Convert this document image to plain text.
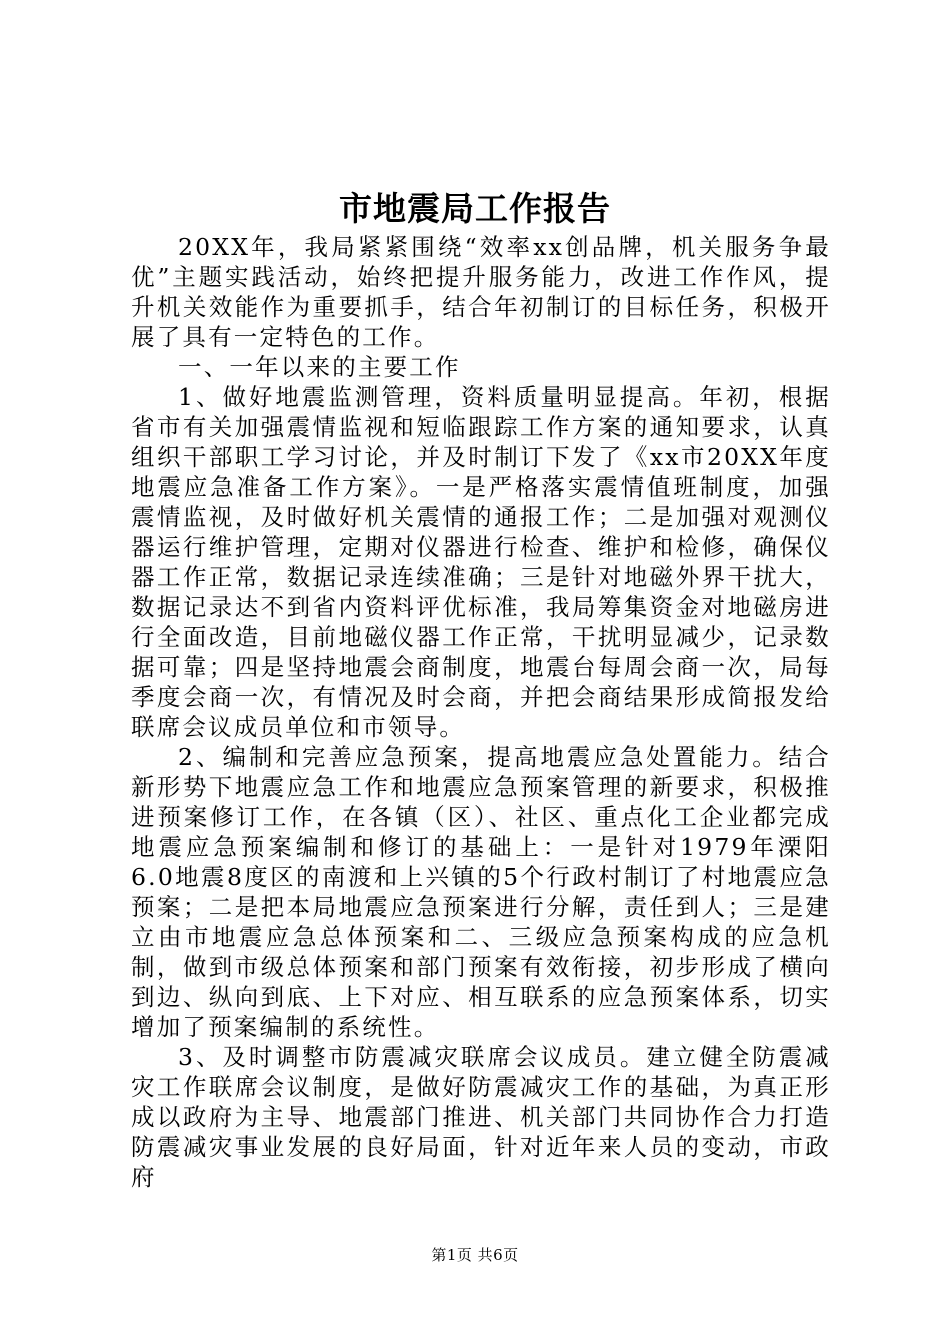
市地震局工作报告

20XX年，我局紧紧围绕“效率xx创品牌，机关服务争最优”主题实践活动，始终把提升服务能力，改进工作作风，提升机关效能作为重要抓手，结合年初制订的目标任务，积极开展了具有一定特色的工作。

一、一年以来的主要工作

1、做好地震监测管理，资料质量明显提高。年初，根据省市有关加强震情监视和短临跟踪工作方案的通知要求，认真组织干部职工学习讨论，并及时制订下发了《xx市20XX年度地震应急准备工作方案》。一是严格落实震情值班制度，加强震情监视，及时做好机关震情的通报工作；二是加强对观测仪器运行维护管理，定期对仪器进行检查、维护和检修，确保仪器工作正常，数据记录连续准确；三是针对地磁外界干扰大，数据记录达不到省内资料评优标准，我局筹集资金对地磁房进行全面改造，目前地磁仪器工作正常，干扰明显减少，记录数据可靠；四是坚持地震会商制度，地震台每周会商一次，局每季度会商一次，有情况及时会商，并把会商结果形成简报发给联席会议成员单位和市领导。

2、编制和完善应急预案，提高地震应急处置能力。结合新形势下地震应急工作和地震应急预案管理的新要求，积极推进预案修订工作，在各镇（区）、社区、重点化工企业都完成地震应急预案编制和修订的基础上：一是针对1979年溧阳6.0地震8度区的南渡和上兴镇的5个行政村制订了村地震应急预案；二是把本局地震应急预案进行分解，责任到人；三是建立由市地震应急总体预案和二、三级应急预案构成的应急机制，做到市级总体预案和部门预案有效衔接，初步形成了横向到边、纵向到底、上下对应、相互联系的应急预案体系，切实增加了预案编制的系统性。

3、及时调整市防震减灾联席会议成员。建立健全防震减灾工作联席会议制度，是做好防震减灾工作的基础，为真正形成以政府为主导、地震部门推进、机关部门共同协作合力打造防震减灾事业发展的良好局面，针对近年来人员的变动，市政府

第1页 共6页
